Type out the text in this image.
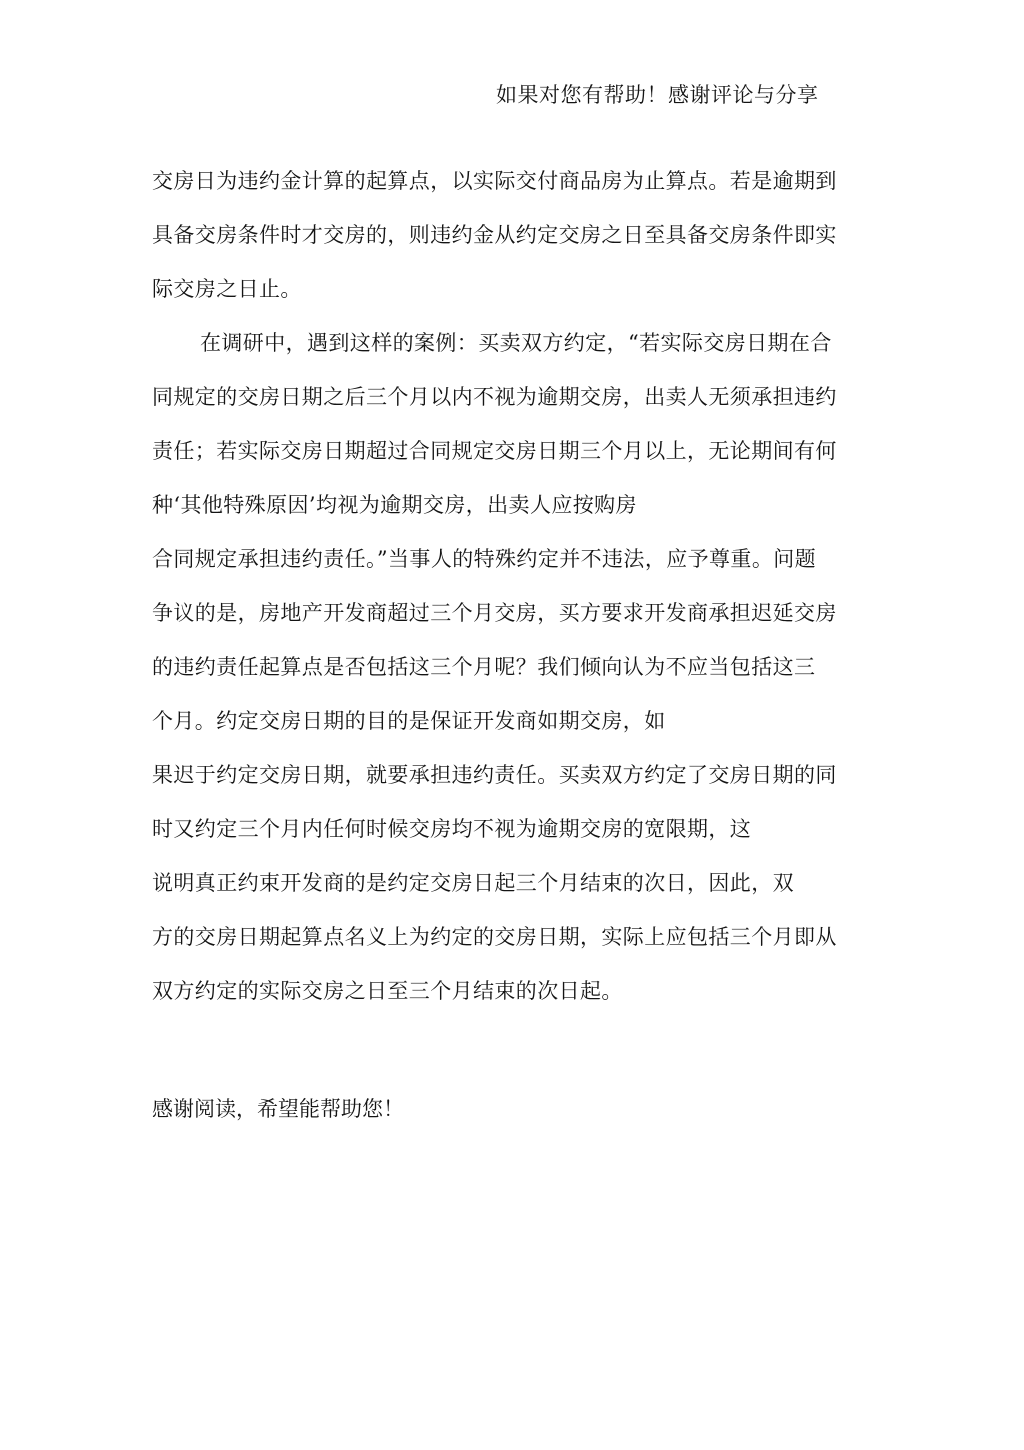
如果对您有帮助！感谢评论与分享
交房日为违约金计算的起算点，以实际交付商品房为止算点。若是逾期到
具备交房条件时才交房的，则违约金从约定交房之日至具备交房条件即实
际交房之日止。
在调研中，遇到这样的案例：买卖双方约定，“若实际交房日期在合
同规定的交房日期之后三个月以内不视为逾期交房，出卖人无须承担违约
责任；若实际交房日期超过合同规定交房日期三个月以上，无论期间有何
种‘其他特殊原因’均视为逾期交房，出卖人应按购房
合同规定承担违约责任。”当事人的特殊约定并不违法，应予尊重。问题
争议的是，房地产开发商超过三个月交房，买方要求开发商承担迟延交房
的违约责任起算点是否包括这三个月呢？我们倾向认为不应当包括这三
个月。约定交房日期的目的是保证开发商如期交房，如
果迟于约定交房日期，就要承担违约责任。买卖双方约定了交房日期的同
时又约定三个月内任何时候交房均不视为逾期交房的宽限期，这
说明真正约束开发商的是约定交房日起三个月结束的次日，因此，双
方的交房日期起算点名义上为约定的交房日期，实际上应包括三个月即从
双方约定的实际交房之日至三个月结束的次日起。
感谢阅读，希望能帮助您！
